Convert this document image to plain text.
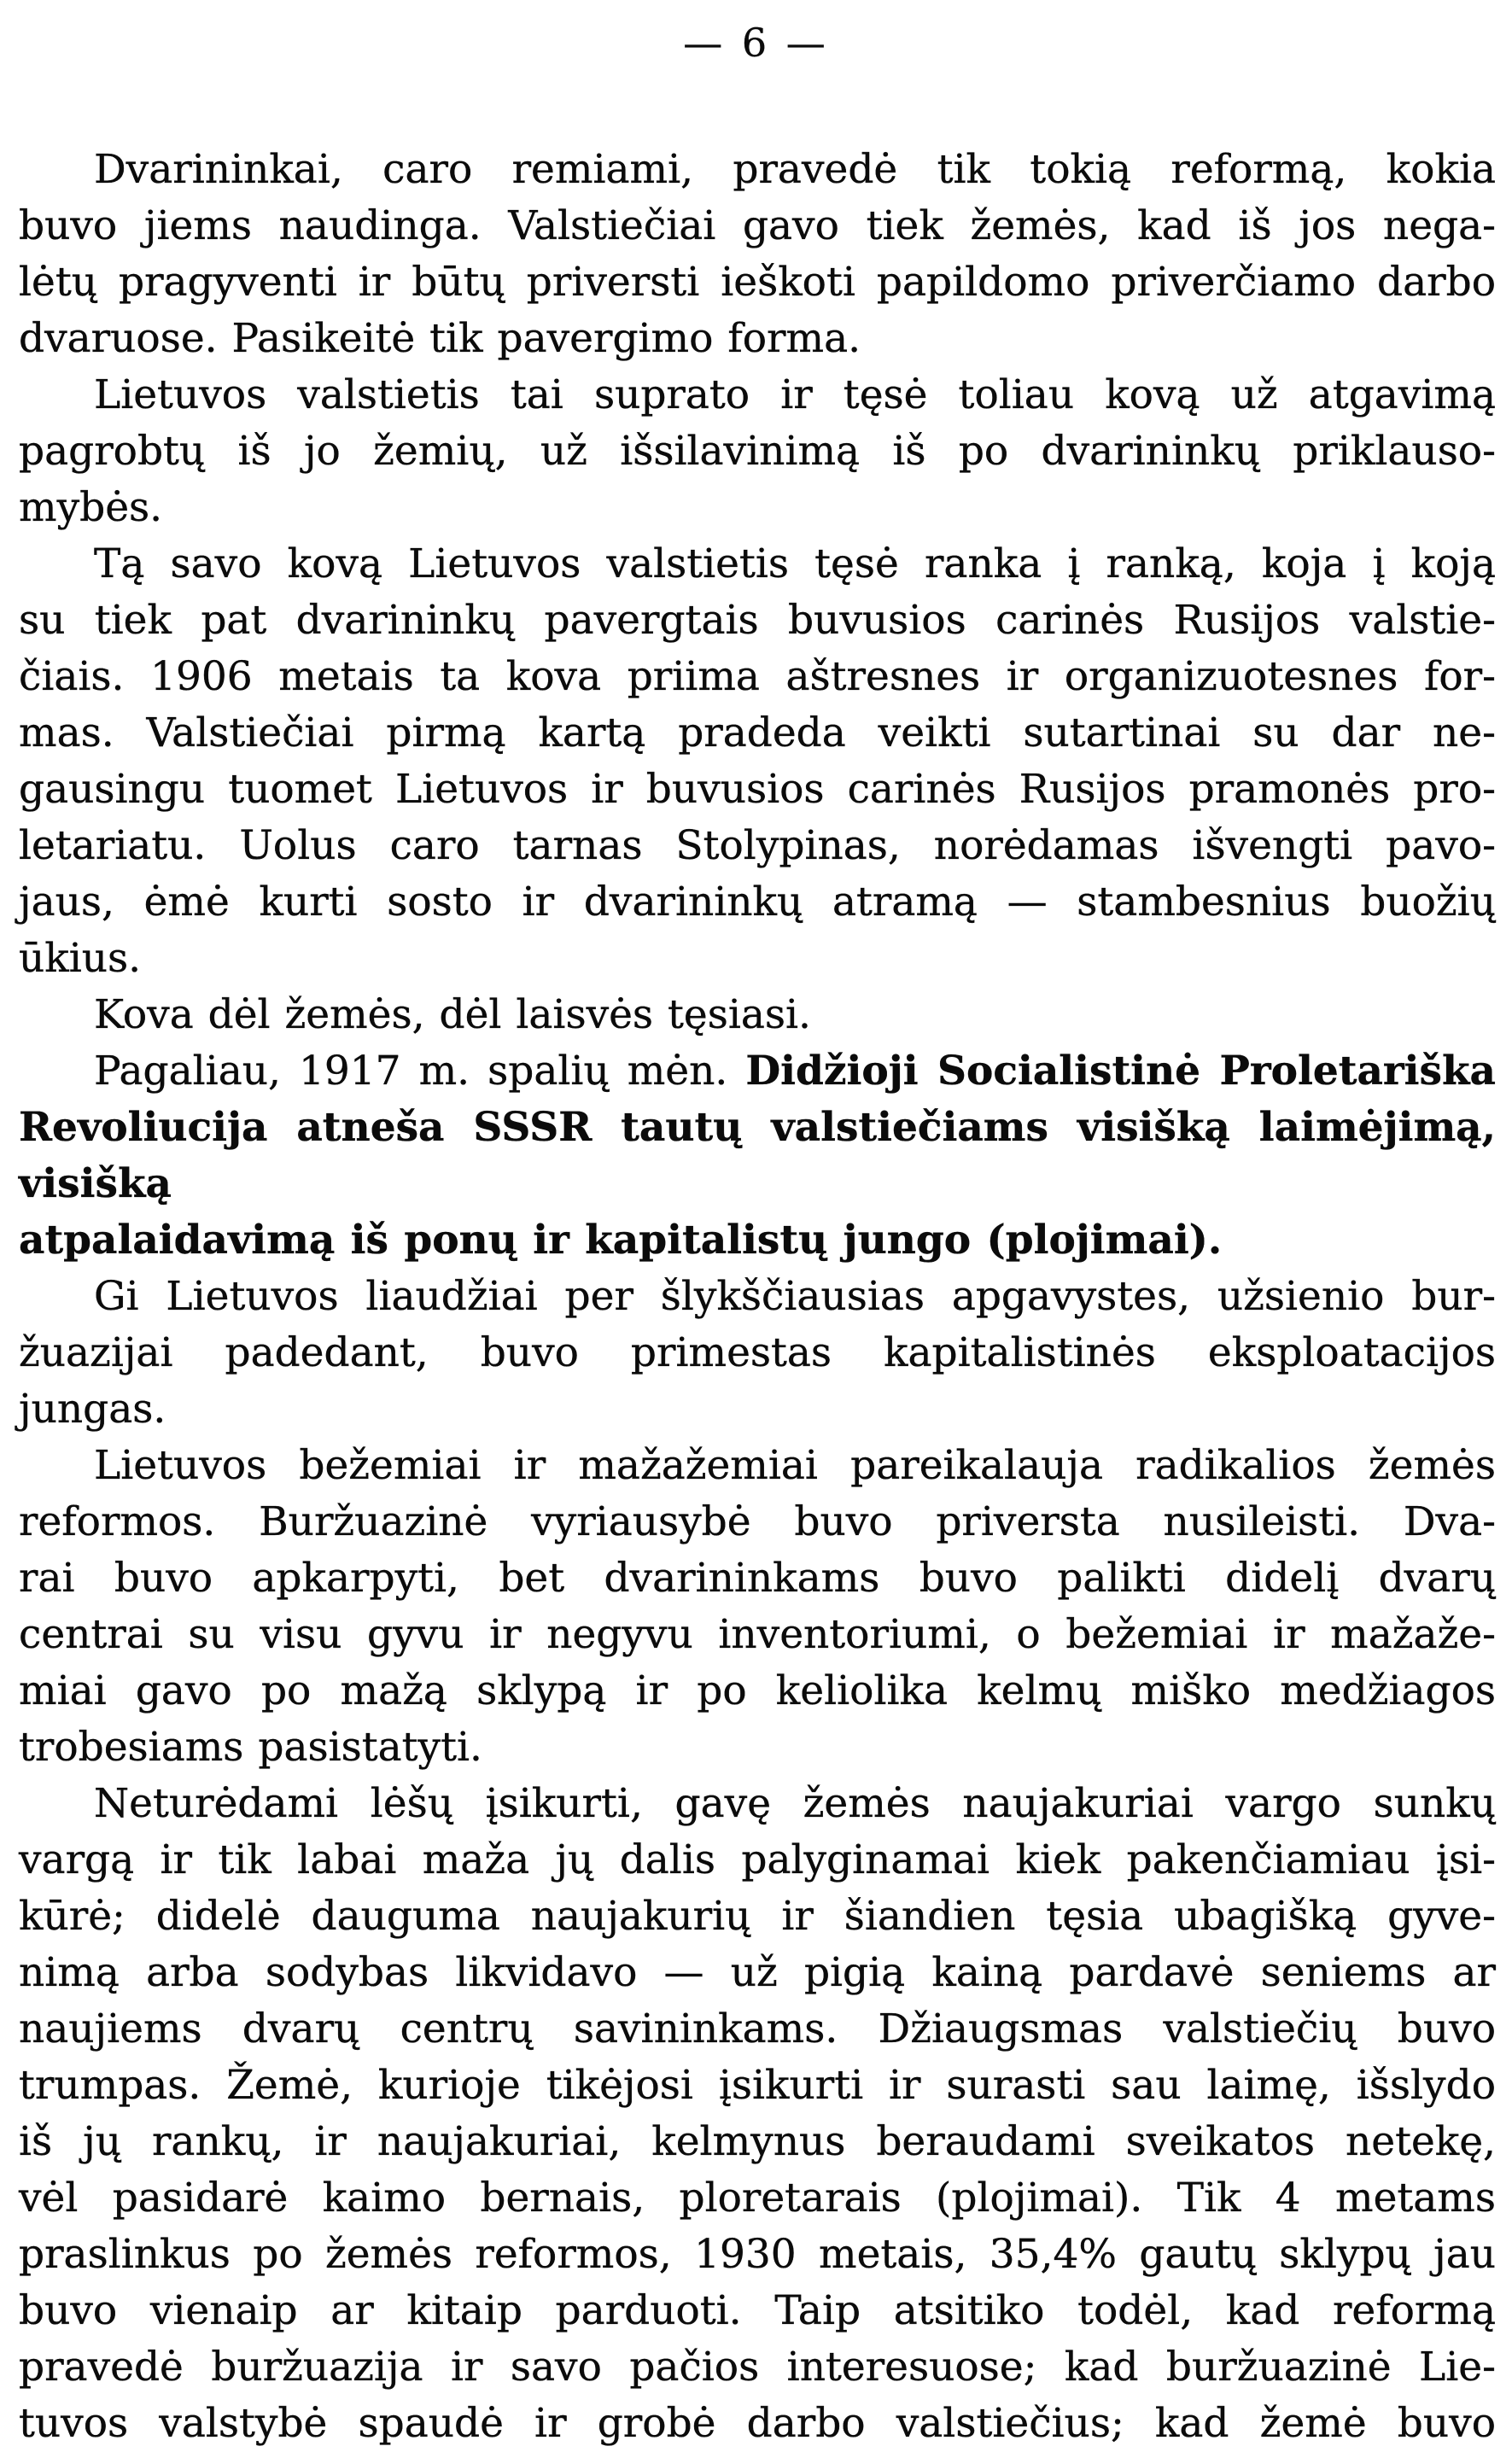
— 6 —
Dvarininkai, caro remiami, pravedė tik tokią reformą, kokia
buvo jiems naudinga. Valstiečiai gavo tiek žemės, kad iš jos nega-
lėtų pragyventi ir būtų priversti ieškoti papildomo priverčiamo darbo
dvaruose. Pasikeitė tik pavergimo forma.
Lietuvos valstietis tai suprato ir tęsė toliau kovą už atgavimą
pagrobtų iš jo žemių, už išsilavinimą iš po dvarininkų priklauso-
mybės.
Tą savo kovą Lietuvos valstietis tęsė ranka į ranką, koja į koją
su tiek pat dvarininkų pavergtais buvusios carinės Rusijos valstie-
čiais. 1906 metais ta kova priima aštresnes ir organizuotesnes for-
mas. Valstiečiai pirmą kartą pradeda veikti sutartinai su dar ne-
gausingu tuomet Lietuvos ir buvusios carinės Rusijos pramonės pro-
letariatu. Uolus caro tarnas Stolypinas, norėdamas išvengti pavo-
jaus, ėmė kurti sosto ir dvarininkų atramą — stambesnius buožių
ūkius.
Kova dėl žemės, dėl laisvės tęsiasi.
Pagaliau, 1917 m. spalių mėn. Didžioji Socialistinė Proletariška
Revoliucija atneša SSSR tautų valstiečiams visišką laimėjimą, visišką
atpalaidavimą iš ponų ir kapitalistų jungo (plojimai).
Gi Lietuvos liaudžiai per šlykščiausias apgavystes, užsienio bur-
žuazijai padedant, buvo primestas kapitalistinės eksploatacijos
jungas.
Lietuvos bežemiai ir mažažemiai pareikalauja radikalios žemės
reformos. Buržuazinė vyriausybė buvo priversta nusileisti. Dva-
rai buvo apkarpyti, bet dvarininkams buvo palikti didelį dvarų
centrai su visu gyvu ir negyvu inventoriumi, o bežemiai ir mažaže-
miai gavo po mažą sklypą ir po keliolika kelmų miško medžiagos
trobesiams pasistatyti.
Neturėdami lėšų įsikurti, gavę žemės naujakuriai vargo sunkų
vargą ir tik labai maža jų dalis palyginamai kiek pakenčiamiau įsi-
kūrė; didelė dauguma naujakurių ir šiandien tęsia ubagišką gyve-
nimą arba sodybas likvidavo — už pigią kainą pardavė seniems ar
naujiems dvarų centrų savininkams. Džiaugsmas valstiečių buvo
trumpas. Žemė, kurioje tikėjosi įsikurti ir surasti sau laimę, išslydo
iš jų rankų, ir naujakuriai, kelmynus beraudami sveikatos netekę,
vėl pasidarė kaimo bernais, ploretarais (plojimai). Tik 4 metams
praslinkus po žemės reformos, 1930 metais, 35,4% gautų sklypų jau
buvo vienaip ar kitaip parduoti. Taip atsitiko todėl, kad reformą
pravedė buržuazija ir savo pačios interesuose; kad buržuazinė Lie-
tuvos valstybė spaudė ir grobė darbo valstiečius; kad žemė buvo
